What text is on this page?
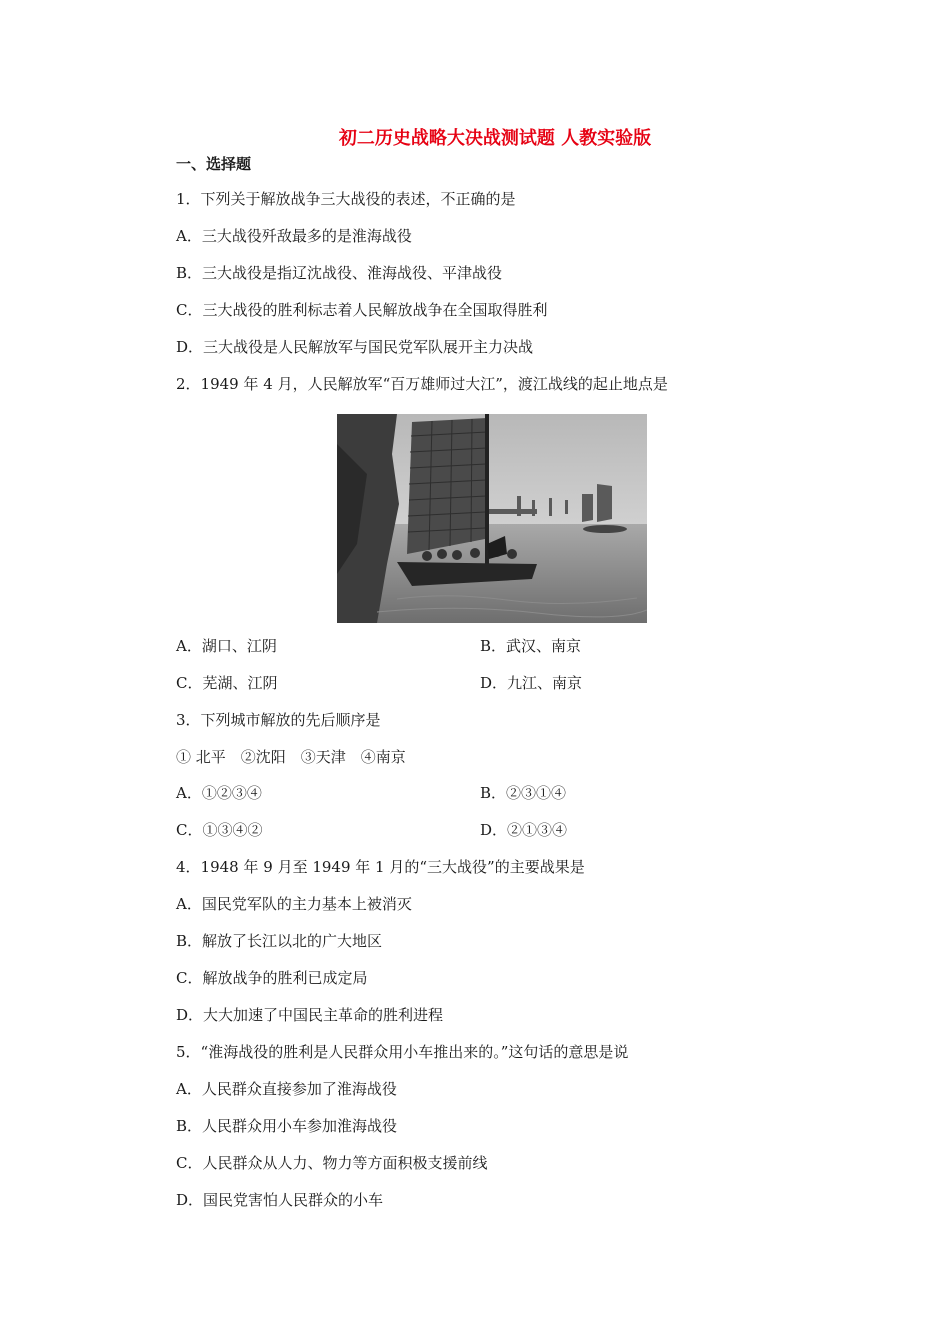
初二历史战略大决战测试题 人教实验版
一、选择题
1．下列关于解放战争三大战役的表述，不正确的是
A．三大战役歼敌最多的是淮海战役
B．三大战役是指辽沈战役、淮海战役、平津战役
C．三大战役的胜利标志着人民解放战争在全国取得胜利
D．三大战役是人民解放军与国民党军队展开主力决战
2．1949 年 4 月，人民解放军“百万雄师过大江”，渡江战线的起止地点是
A．湖口、江阴	B．武汉、南京
C．芜湖、江阴	D．九江、南京
3．下列城市解放的先后顺序是
① 北平　②沈阳　③天津　④南京
A．①②③④	B．②③①④
C．①③④②	D．②①③④
4．1948 年 9 月至 1949 年 1 月的“三大战役”的主要战果是
A．国民党军队的主力基本上被消灭
B．解放了长江以北的广大地区
C．解放战争的胜利已成定局
D．大大加速了中国民主革命的胜利进程
5．“淮海战役的胜利是人民群众用小车推出来的。”这句话的意思是说
A．人民群众直接参加了淮海战役
B．人民群众用小车参加淮海战役
C．人民群众从人力、物力等方面积极支援前线
D．国民党害怕人民群众的小车
